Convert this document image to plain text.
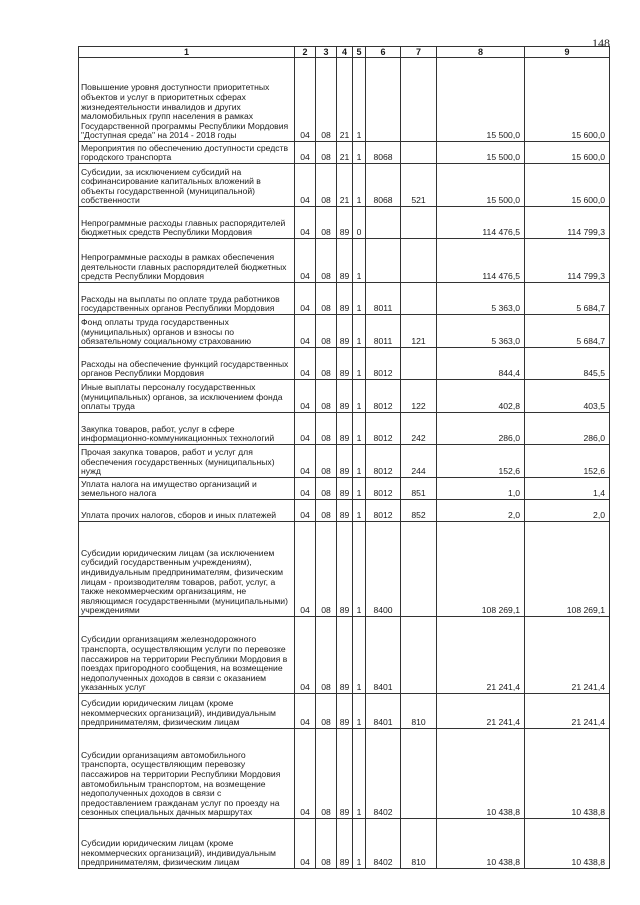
148
1	2	3	4	5	6	7	8	9
Повышение уровня доступности приоритетных объектов и услуг в приоритетных сферах жизнедеятельности инвалидов и других маломобильных групп населения в рамках Государственной программы Республики Мордовия "Доступная среда" на 2014 - 2018 годы	04	08	21	1			15 500,0	15 600,0
Мероприятия по обеспечению доступности средств городского транспорта	04	08	21	1	8068		15 500,0	15 600,0
Субсидии, за исключением субсидий на софинансирование капитальных вложений в объекты государственной (муниципальной) собственности	04	08	21	1	8068	521	15 500,0	15 600,0
Непрограммные расходы главных распорядителей бюджетных средств Республики Мордовия	04	08	89	0			114 476,5	114 799,3
Непрограммные расходы в рамках обеспечения деятельности главных распорядителей бюджетных средств Республики Мордовия	04	08	89	1			114 476,5	114 799,3
Расходы на выплаты по оплате труда работников государственных органов Республики Мордовия	04	08	89	1	8011		5 363,0	5 684,7
Фонд оплаты труда государственных (муниципальных) органов и взносы по обязательному социальному страхованию	04	08	89	1	8011	121	5 363,0	5 684,7
Расходы на обеспечение функций государственных органов Республики Мордовия	04	08	89	1	8012		844,4	845,5
Иные выплаты персоналу государственных (муниципальных) органов, за исключением фонда оплаты труда	04	08	89	1	8012	122	402,8	403,5
Закупка товаров, работ, услуг в сфере информационно-коммуникационных технологий	04	08	89	1	8012	242	286,0	286,0
Прочая закупка товаров, работ и услуг для обеспечения государственных (муниципальных) нужд	04	08	89	1	8012	244	152,6	152,6
Уплата налога на имущество организаций и земельного налога	04	08	89	1	8012	851	1,0	1,4
Уплата прочих налогов, сборов и иных платежей	04	08	89	1	8012	852	2,0	2,0
Субсидии юридическим лицам (за исключением субсидий государственным учреждениям), индивидуальным предпринимателям, физическим лицам - производителям товаров, работ, услуг, а также некоммерческим организациям, не являющимся государственными (муниципальными) учреждениями	04	08	89	1	8400		108 269,1	108 269,1
Субсидии организациям железнодорожного транспорта, осуществляющим услуги по перевозке пассажиров на территории Республики Мордовия в поездах пригородного сообщения, на возмещение недополученных доходов в связи с оказанием указанных услуг	04	08	89	1	8401		21 241,4	21 241,4
Субсидии юридическим лицам (кроме некоммерческих организаций), индивидуальным предпринимателям, физическим лицам	04	08	89	1	8401	810	21 241,4	21 241,4
Субсидии организациям автомобильного транспорта, осуществляющим перевозку пассажиров на территории Республики Мордовия автомобильным транспортом, на возмещение недополученных доходов в связи с предоставлением гражданам услуг по проезду на сезонных специальных дачных маршрутах	04	08	89	1	8402		10 438,8	10 438,8
Субсидии юридическим лицам (кроме некоммерческих организаций), индивидуальным предпринимателям, физическим лицам	04	08	89	1	8402	810	10 438,8	10 438,8
